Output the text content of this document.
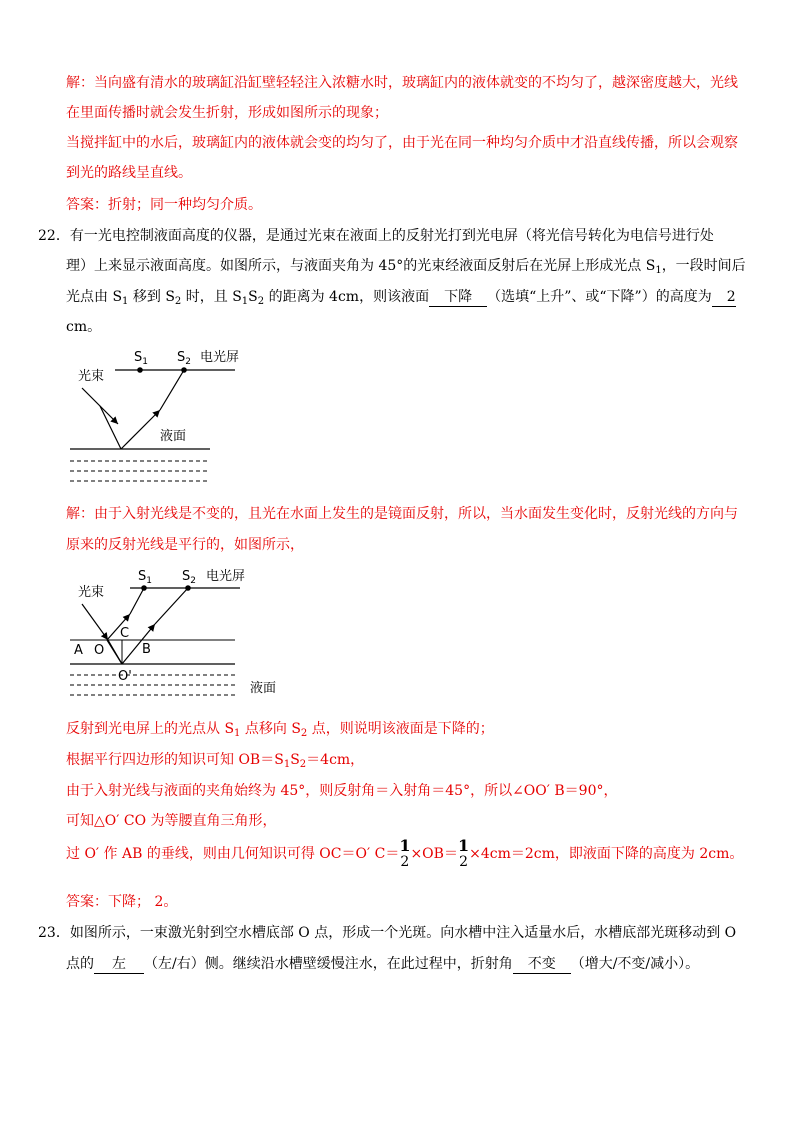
解：当向盛有清水的玻璃缸沿缸壁轻轻注入浓糖水时，玻璃缸内的液体就变的不均匀了，越深密度越大，光线
在里面传播时就会发生折射，形成如图所示的现象；
当搅拌缸中的水后，玻璃缸内的液体就会变的均匀了，由于光在同一种均匀介质中才沿直线传播，所以会观察
到光的路线呈直线。
答案：折射；同一种均匀介质。
22．有一光电控制液面高度的仪器，是通过光束在液面上的反射光打到光电屏（将光信号转化为电信号进行处
理）上来显示液面高度。如图所示，与液面夹角为 45°的光束经液面反射后在光屏上形成光点 $S_1$，一段时间后
光点由 $S_1$ 移到 $S_2$ 时，且 $S_1S_2$ 的距离为 4cm，则该液面 下降 （选填“上升”、或“下降”）的高度为 2
cm。
$S_1$ $S_2$ 电光屏
光束
液面
解：由于入射光线是不变的，且光在水面上发生的是镜面反射，所以，当水面发生变化时，反射光线的方向与
原来的反射光线是平行的，如图所示，
$S_1$ $S_2$ 电光屏
光束
A O
C
B
O'
液面
反射到光电屏上的光点从 $S_1$ 点移向 $S_2$ 点，则说明该液面是下降的；
根据平行四边形的知识可知 $OB=S_1S_2=4cm$，
由于入射光线与液面的夹角始终为 45°，则反射角＝入射角＝45°，所以∠OO′ B＝90°，
可知△O′ CO 为等腰直角三角形，
过 O′ 作 AB 的垂线，则由几何知识可得 OC＝O′ C＝ 1
2 ×OB＝ 1
2 ×4cm＝2cm，即液面下降的高度为 2cm。
答案：下降； 2。
23．如图所示，一束激光射到空水槽底部 O 点，形成一个光斑。向水槽中注入适量水后，水槽底部光斑移动到 O
点的 左 （左/右）侧。继续沿水槽壁缓慢注水，在此过程中，折射角 不变 （增大/不变/减小）。
